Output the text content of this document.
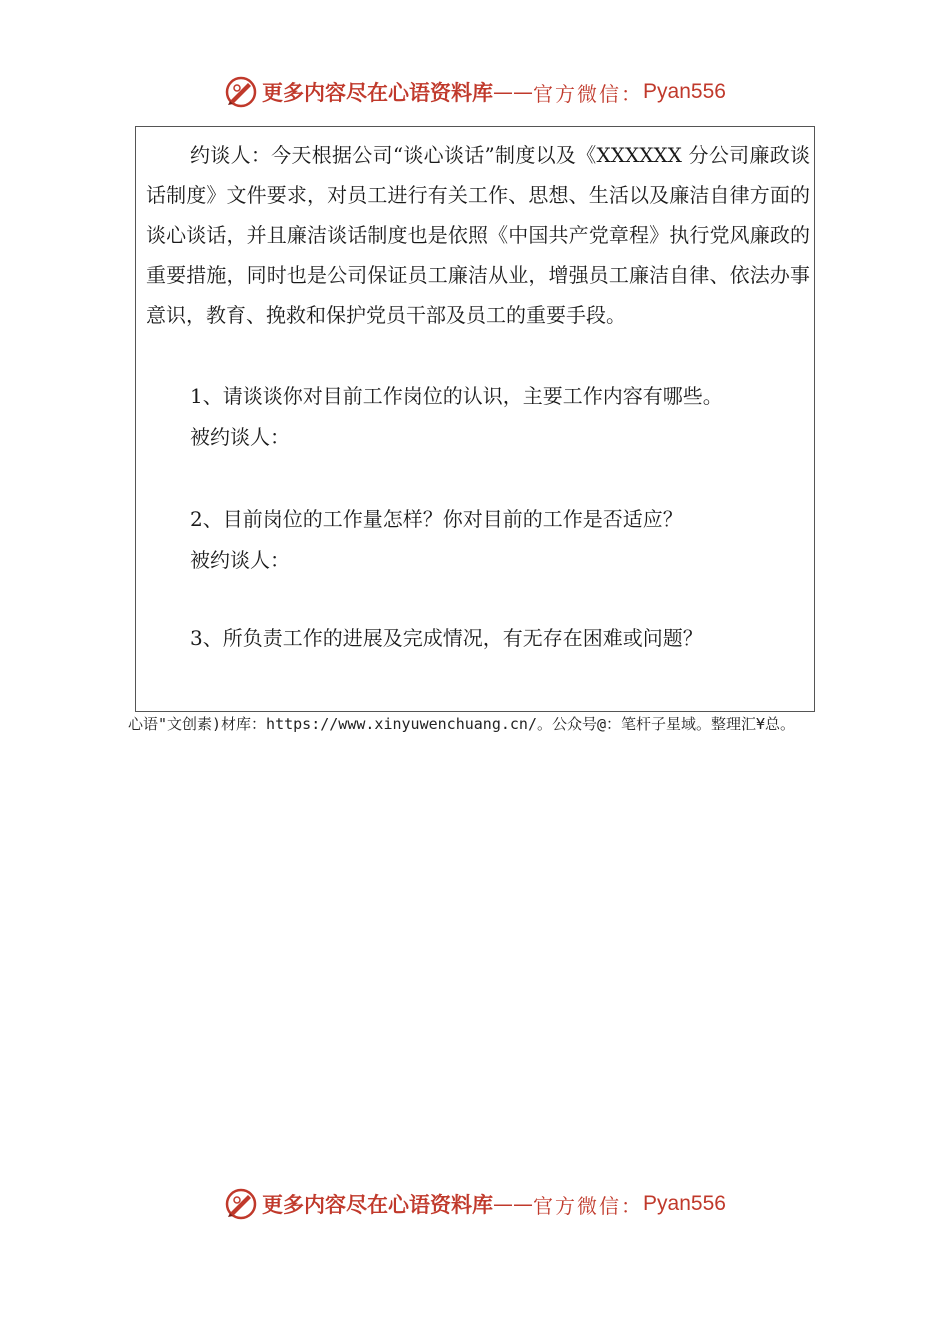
更多内容尽在心语资料库 —— 官方微信： Pyan556
约谈人：今天根据公司“谈心谈话”制度以及《XXXXXX 分公司廉政谈话制度》文件要求，对员工进行有关工作、思想、生活以及廉洁自律方面的谈心谈话，并且廉洁谈话制度也是依照《中国共产党章程》执行党风廉政的重要措施，同时也是公司保证员工廉洁从业，增强员工廉洁自律、依法办事意识，教育、挽救和保护党员干部及员工的重要手段。
1、请谈谈你对目前工作岗位的认识，主要工作内容有哪些。
被约谈人：
2、目前岗位的工作量怎样？你对目前的工作是否适应？
被约谈人：
3、所负责工作的进展及完成情况，有无存在困难或问题？
心语"文创素)材库：https://www.xinyuwenchuang.cn/。公众号@：笔杆子星域。整理汇¥总。
更多内容尽在心语资料库 —— 官方微信： Pyan556
